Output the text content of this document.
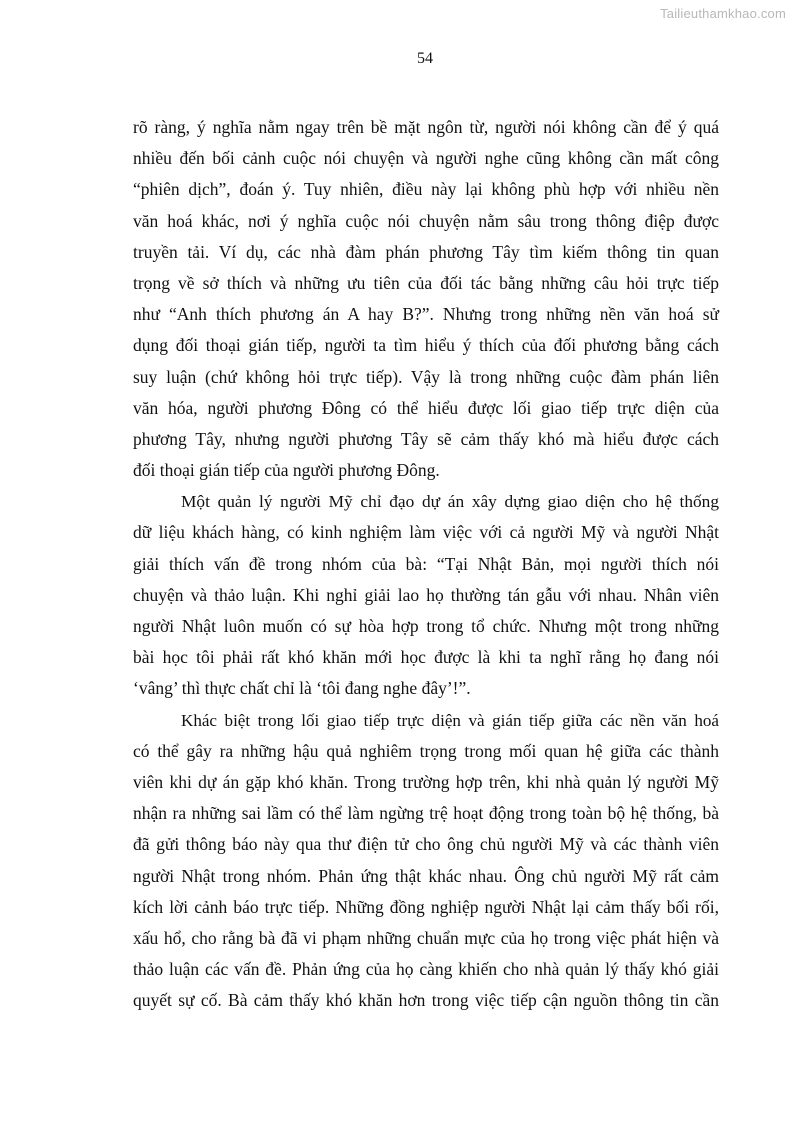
Tailieuthamkhao.com
54

rõ ràng, ý nghĩa nằm ngay trên bề mặt ngôn từ, người nói không cần để ý quá
nhiều đến bối cảnh cuộc nói chuyện và người nghe cũng không cần mất công
“phiên dịch”, đoán ý. Tuy nhiên, điều này lại không phù hợp với nhiều nền
văn hoá khác, nơi ý nghĩa cuộc nói chuyện nằm sâu trong thông điệp được
truyền tải. Ví dụ, các nhà đàm phán phương Tây tìm kiếm thông tin quan
trọng về sở thích và những ưu tiên của đối tác bằng những câu hỏi trực tiếp
như “Anh thích phương án A hay B?”. Nhưng trong những nền văn hoá sử
dụng đối thoại gián tiếp, người ta tìm hiểu ý thích của đối phương bằng cách
suy luận (chứ không hỏi trực tiếp). Vậy là trong những cuộc đàm phán liên
văn hóa, người phương Đông có thể hiểu được lối giao tiếp trực diện của
phương Tây, nhưng người phương Tây sẽ cảm thấy khó mà hiểu được cách
đối thoại gián tiếp của người phương Đông.

Một quản lý người Mỹ chỉ đạo dự án xây dựng giao diện cho hệ thống
dữ liệu khách hàng, có kinh nghiệm làm việc với cả người Mỹ và người Nhật
giải thích vấn đề trong nhóm của bà: “Tại Nhật Bản, mọi người thích nói
chuyện và thảo luận. Khi nghỉ giải lao họ thường tán gẫu với nhau. Nhân viên
người Nhật luôn muốn có sự hòa hợp trong tổ chức. Nhưng một trong những
bài học tôi phải rất khó khăn mới học được là khi ta nghĩ rằng họ đang nói
‘vâng’ thì thực chất chỉ là ‘tôi đang nghe đây’!”.

Khác biệt trong lối giao tiếp trực diện và gián tiếp giữa các nền văn hoá
có thể gây ra những hậu quả nghiêm trọng trong mối quan hệ giữa các thành
viên khi dự án gặp khó khăn. Trong trường hợp trên, khi nhà quản lý người Mỹ
nhận ra những sai lầm có thể làm ngừng trệ hoạt động trong toàn bộ hệ thống, bà
đã gửi thông báo này qua thư điện tử cho ông chủ người Mỹ và các thành viên
người Nhật trong nhóm. Phản ứng thật khác nhau. Ông chủ người Mỹ rất cảm
kích lời cảnh báo trực tiếp. Những đồng nghiệp người Nhật lại cảm thấy bối rối,
xấu hổ, cho rằng bà đã vi phạm những chuẩn mực của họ trong việc phát hiện và
thảo luận các vấn đề. Phản ứng của họ càng khiến cho nhà quản lý thấy khó giải
quyết sự cố. Bà cảm thấy khó khăn hơn trong việc tiếp cận nguồn thông tin cần
